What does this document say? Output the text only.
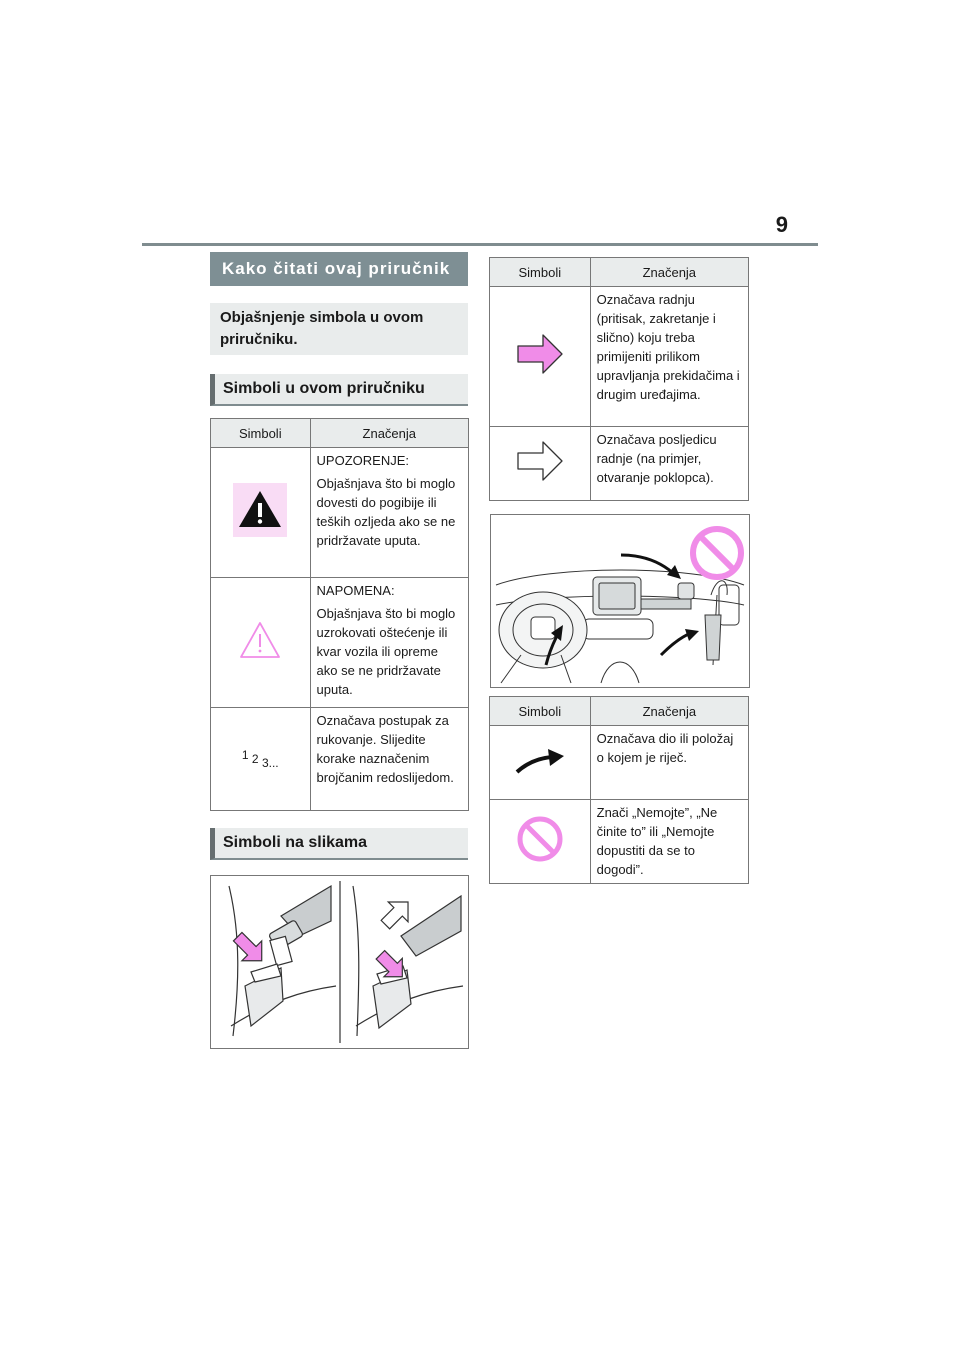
9
Kako čitati ovaj priručnik
Objašnjenje simbola u ovom priručniku.
Simboli u ovom priručniku
Simboli	Značenja

UPOZORENJE:
Objašnjava što bi moglo dovesti do pogibije ili teških ozljeda ako se ne pridržavate uputa.

NAPOMENA:
Objašnjava što bi moglo uzrokovati oštećenje ili kvar vozila ili opreme ako se ne pridržavate uputa.

1 2 3...	Označava postupak za rukovanje. Slijedite korake naznačenim brojčanim redoslijedom.
Simboli na slikama
Simboli	Značenja

Označava radnju (pritisak, zakretanje i slično) koju treba primijeniti prilikom upravljanja prekidačima i drugim uređajima.

Označava posljedicu radnje (na primjer, otvaranje poklopca).
Simboli	Značenja

Označava dio ili položaj o kojem je riječ.

Znači „Nemojte”, „Ne činite to” ili „Nemojte dopustiti da se to dogodi”.
